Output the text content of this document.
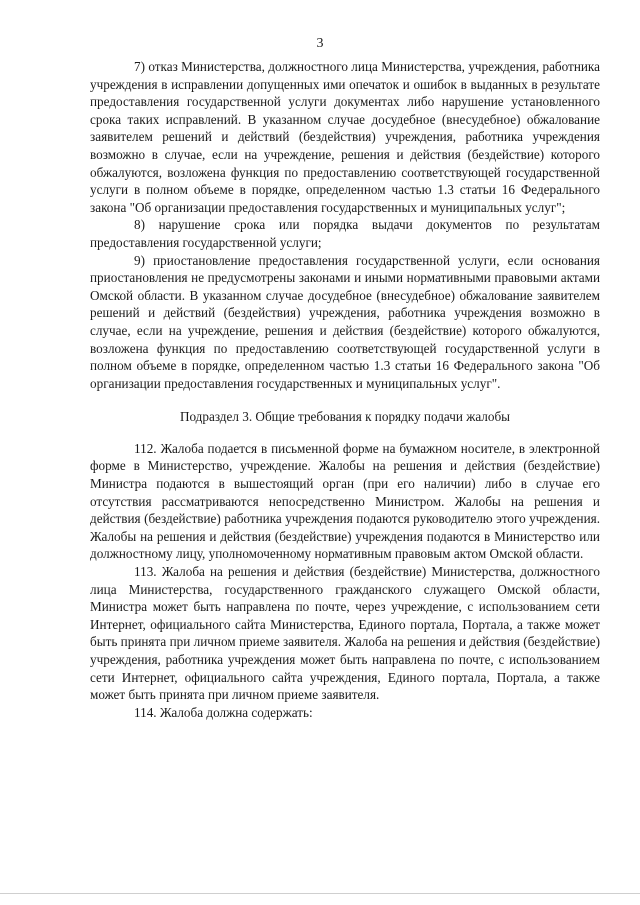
3

7) отказ Министерства, должностного лица Министерства, учреждения, работника учреждения в исправлении допущенных ими опечаток и ошибок в выданных в результате предоставления государственной услуги документах либо нарушение установленного срока таких исправлений. В указанном случае досудебное (внесудебное) обжалование заявителем решений и действий (бездействия) учреждения, работника учреждения возможно в случае, если на учреждение, решения и действия (бездействие) которого обжалуются, возложена функция по предоставлению соответствующей государственной услуги в полном объеме в порядке, определенном частью 1.3 статьи 16 Федерального закона "Об организации предоставления государственных и муниципальных услуг";

8) нарушение срока или порядка выдачи документов по результатам предоставления государственной услуги;

9) приостановление предоставления государственной услуги, если основания приостановления не предусмотрены законами и иными нормативными правовыми актами Омской области. В указанном случае досудебное (внесудебное) обжалование заявителем решений и действий (бездействия) учреждения, работника учреждения возможно в случае, если на учреждение, решения и действия (бездействие) которого обжалуются, возложена функция по предоставлению соответствующей государственной услуги в полном объеме в порядке, определенном частью 1.3 статьи 16 Федерального закона "Об организации предоставления государственных и муниципальных услуг".

Подраздел 3. Общие требования к порядку подачи жалобы

112. Жалоба подается в письменной форме на бумажном носителе, в электронной форме в Министерство, учреждение. Жалобы на решения и действия (бездействие) Министра подаются в вышестоящий орган (при его наличии) либо в случае его отсутствия рассматриваются непосредственно Министром. Жалобы на решения и действия (бездействие) работника учреждения подаются руководителю этого учреждения. Жалобы на решения и действия (бездействие) учреждения подаются в Министерство или должностному лицу, уполномоченному нормативным правовым актом Омской области.

113. Жалоба на решения и действия (бездействие) Министерства, должностного лица Министерства, государственного гражданского служащего Омской области, Министра может быть направлена по почте, через учреждение, с использованием сети Интернет, официального сайта Министерства, Единого портала, Портала, а также может быть принята при личном приеме заявителя. Жалоба на решения и действия (бездействие) учреждения, работника учреждения может быть направлена по почте, с использованием сети Интернет, официального сайта учреждения, Единого портала, Портала, а также может быть принята при личном приеме заявителя.

114. Жалоба должна содержать:
